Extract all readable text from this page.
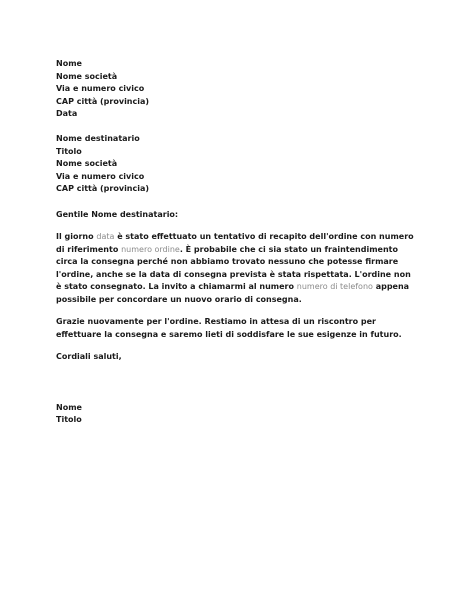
Nome
Nome società
Via e numero civico
CAP città (provincia)
Data
Nome destinatario
Titolo
Nome società
Via e numero civico
CAP città (provincia)

Gentile Nome destinatario:

Il giorno data è stato effettuato un tentativo di recapito dell'ordine con numero di riferimento numero ordine. È probabile che ci sia stato un fraintendimento circa la consegna perché non abbiamo trovato nessuno che potesse firmare l'ordine, anche se la data di consegna prevista è stata rispettata. L'ordine non è stato consegnato. La invito a chiamarmi al numero numero di telefono appena possibile per concordare un nuovo orario di consegna.

Grazie nuovamente per l'ordine. Restiamo in attesa di un riscontro per effettuare la consegna e saremo lieti di soddisfare le sue esigenze in futuro.

Cordiali saluti,

Nome
Titolo
